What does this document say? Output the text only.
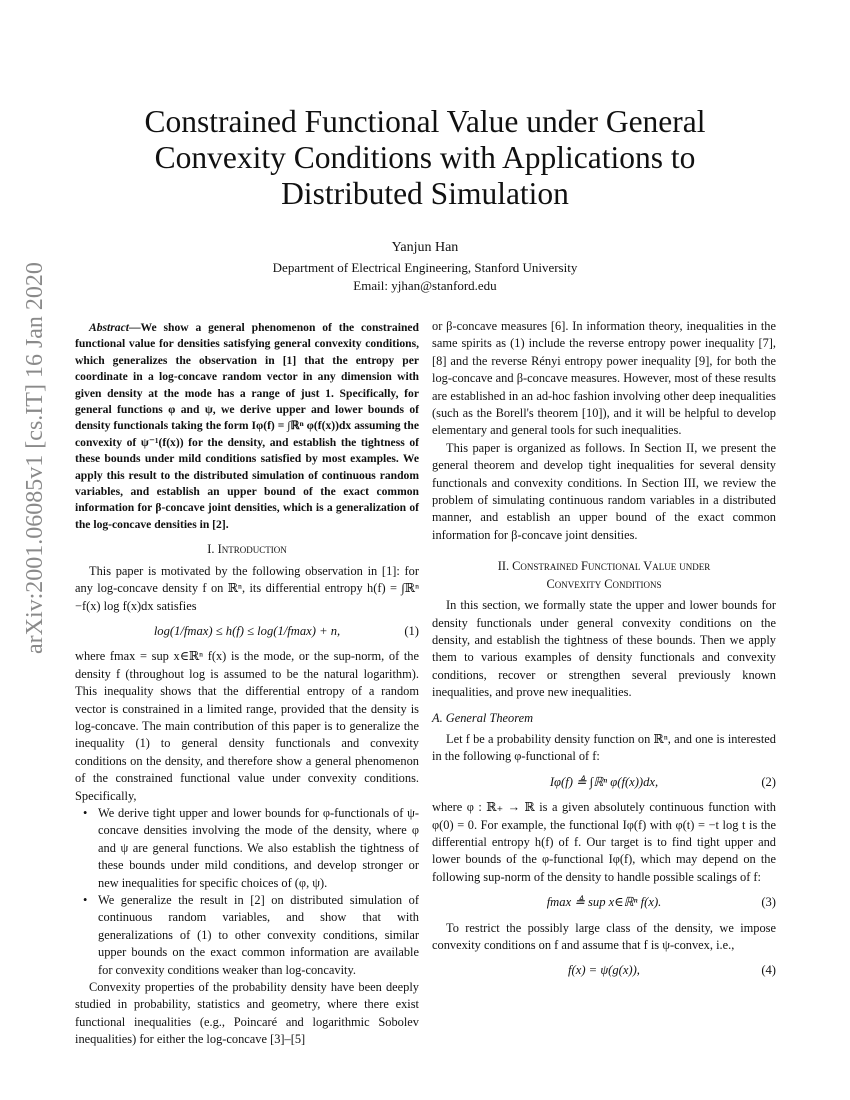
arXiv:2001.06085v1 [cs.IT] 16 Jan 2020
Constrained Functional Value under General
Convexity Conditions with Applications to
Distributed Simulation
Yanjun Han
Department of Electrical Engineering, Stanford University
Email: yjhan@stanford.edu
Abstract—We show a general phenomenon of the constrained functional value for densities satisfying general convexity conditions, which generalizes the observation in [1] that the entropy per coordinate in a log-concave random vector in any dimension with given density at the mode has a range of just 1. Specifically, for general functions φ and ψ, we derive upper and lower bounds of density functionals taking the form Iφ(f) = ∫ℝⁿ φ(f(x))dx assuming the convexity of ψ⁻¹(f(x)) for the density, and establish the tightness of these bounds under mild conditions satisfied by most examples. We apply this result to the distributed simulation of continuous random variables, and establish an upper bound of the exact common information for β-concave joint densities, which is a generalization of the log-concave densities in [2].
I. Introduction
This paper is motivated by the following observation in [1]: for any log-concave density f on ℝⁿ, its differential entropy h(f) = ∫ℝⁿ −f(x) log f(x)dx satisfies
log(1/fmax) ≤ h(f) ≤ log(1/fmax) + n,	(1)
where fmax = sup x∈ℝⁿ f(x) is the mode, or the sup-norm, of the density f (throughout log is assumed to be the natural logarithm). This inequality shows that the differential entropy of a random vector is constrained in a limited range, provided that the density is log-concave. The main contribution of this paper is to generalize the inequality (1) to general density functionals and convexity conditions on the density, and therefore show a general phenomenon of the constrained functional value under convexity conditions. Specifically,
• We derive tight upper and lower bounds for φ-functionals of ψ-concave densities involving the mode of the density, where φ and ψ are general functions. We also establish the tightness of these bounds under mild conditions, and develop stronger or new inequalities for specific choices of (φ, ψ).
• We generalize the result in [2] on distributed simulation of continuous random variables, and show that with generalizations of (1) to other convexity conditions, similar upper bounds on the exact common information are available for convexity conditions weaker than log-concavity.
Convexity properties of the probability density have been deeply studied in probability, statistics and geometry, where there exist functional inequalities (e.g., Poincaré and logarithmic Sobolev inequalities) for either the log-concave [3]–[5]
or β-concave measures [6]. In information theory, inequalities in the same spirits as (1) include the reverse entropy power inequality [7], [8] and the reverse Rényi entropy power inequality [9], for both the log-concave and β-concave measures. However, most of these results are established in an ad-hoc fashion involving other deep inequalities (such as the Borell's theorem [10]), and it will be helpful to develop elementary and general tools for such inequalities.
This paper is organized as follows. In Section II, we present the general theorem and develop tight inequalities for several density functionals and convexity conditions. In Section III, we review the problem of simulating continuous random variables in a distributed manner, and establish an upper bound of the exact common information for β-concave joint densities.
II. Constrained Functional Value under
Convexity Conditions
In this section, we formally state the upper and lower bounds for density functionals under general convexity conditions on the density, and establish the tightness of these bounds. Then we apply them to various examples of density functionals and convexity conditions, recover or strengthen several previously known inequalities, and prove new inequalities.
A. General Theorem
Let f be a probability density function on ℝⁿ, and one is interested in the following φ-functional of f:
Iφ(f) ≜ ∫ℝⁿ φ(f(x))dx,	(2)
where φ : ℝ₊ → ℝ is a given absolutely continuous function with φ(0) = 0. For example, the functional Iφ(f) with φ(t) = −t log t is the differential entropy h(f) of f. Our target is to find tight upper and lower bounds of the φ-functional Iφ(f), which may depend on the following sup-norm of the density to handle possible scalings of f:
fmax ≜ sup x∈ℝⁿ f(x).	(3)
To restrict the possibly large class of the density, we impose convexity conditions on f and assume that f is ψ-convex, i.e.,
f(x) = ψ(g(x)),	(4)
